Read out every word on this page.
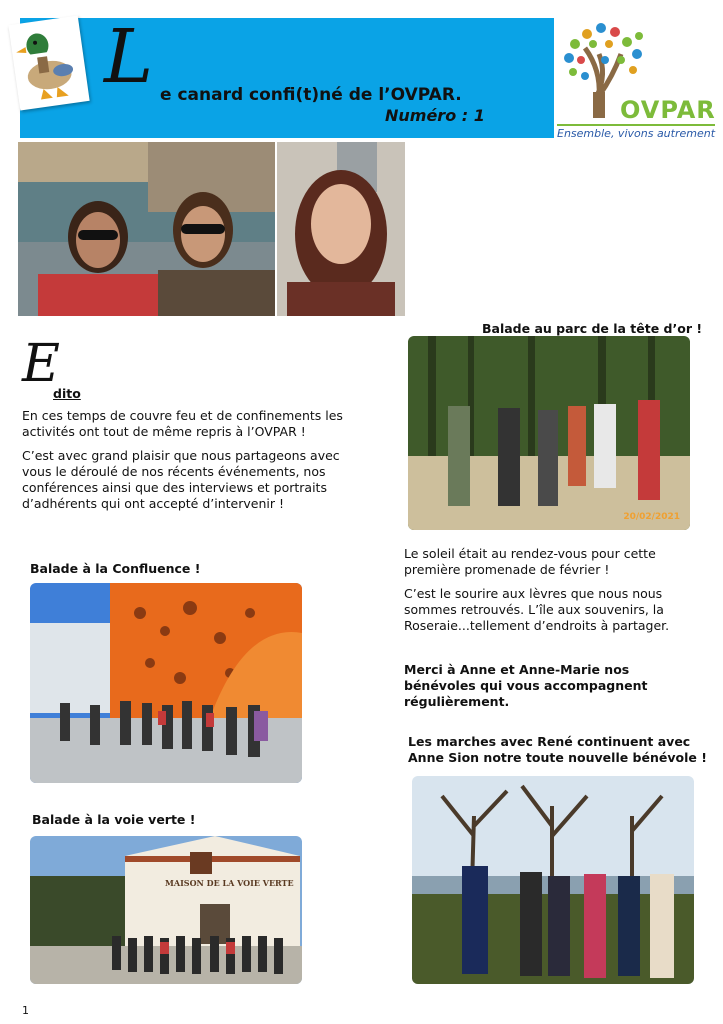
L e canard confi(t)né de l’OVPAR.
Numéro : 1	OVPAR
Ensemble, vivons autrement
E
dito

En ces temps de couvre feu et de confinements les activités ont tout de même repris à l’OVPAR !

C’est avec grand plaisir que nous partageons avec vous le déroulé de nos récents événements, nos conférences ainsi que des interviews et portraits d’adhérents qui ont accepté d’intervenir !

Balade à la Confluence !
Balade à la voie verte !
MAISON DE LA VOIE VERTE
Balade au parc de la tête d’or !
20/02/2021

Le soleil était au rendez-vous pour cette première promenade de février !

C’est le sourire aux lèvres que nous nous sommes retrouvés. L’île aux souvenirs, la Roseraie...tellement d’endroits à partager.

Merci à Anne et Anne-Marie nos bénévoles qui vous accompagnent régulièrement.
Les marches avec René continuent avec Anne Sion notre toute nouvelle bénévole !
1
